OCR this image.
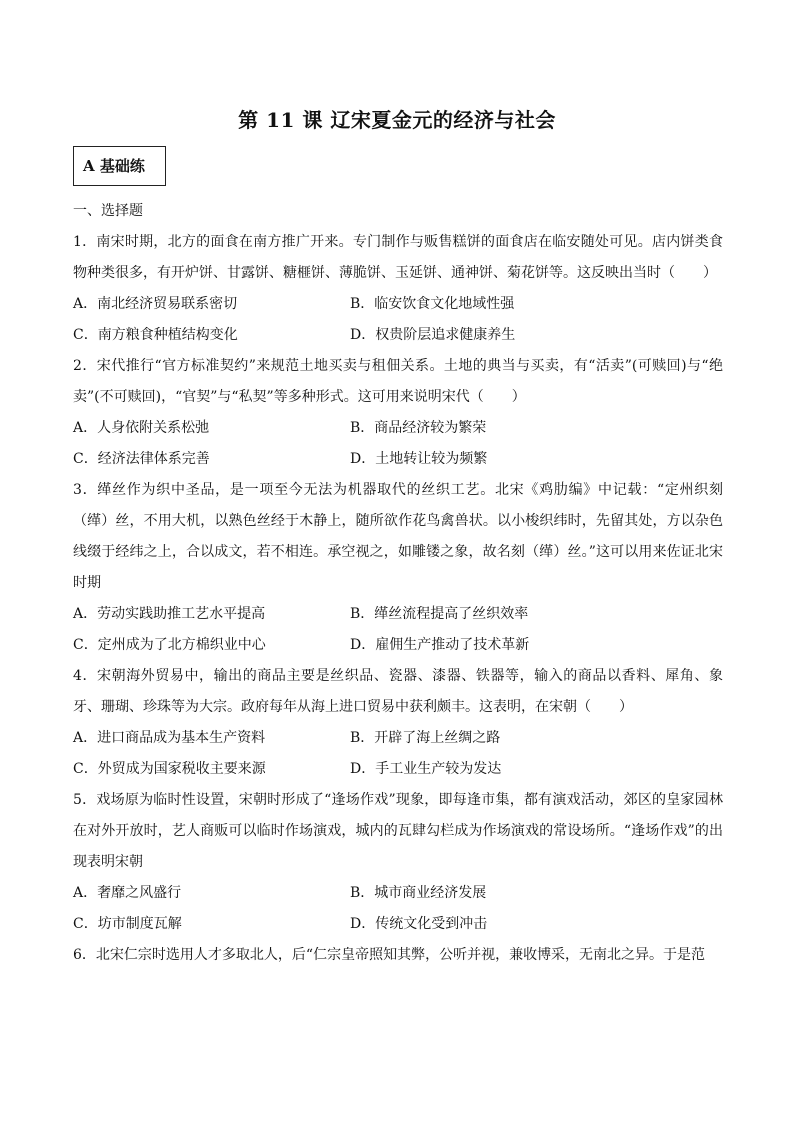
第 11 课 辽宋夏金元的经济与社会
A 基础练
一、选择题
1．南宋时期，北方的面食在南方推广开来。专门制作与贩售糕饼的面食店在临安随处可见。店内饼类食物种类很多，有开炉饼、甘露饼、糖榧饼、薄脆饼、玉延饼、通神饼、菊花饼等。这反映出当时（　　）
A．南北经济贸易联系密切	B．临安饮食文化地域性强
C．南方粮食种植结构变化	D．权贵阶层追求健康养生
2．宋代推行“官方标准契约”来规范土地买卖与租佃关系。土地的典当与买卖，有“活卖”(可赎回)与“绝卖”(不可赎回)，“官契”与“私契”等多种形式。这可用来说明宋代（　　）
A．人身依附关系松弛	B．商品经济较为繁荣
C．经济法律体系完善	D．土地转让较为频繁
3．缂丝作为织中圣品，是一项至今无法为机器取代的丝织工艺。北宋《鸡肋编》中记载：“定州织刻（缂）丝，不用大机，以熟色丝经于木静上，随所欲作花鸟禽兽状。以小梭织纬时，先留其处，方以杂色线缀于经纬之上，合以成文，若不相连。承空视之，如雕镂之象，故名刻（缂）丝。”这可以用来佐证北宋时期
A．劳动实践助推工艺水平提高	B．缂丝流程提高了丝织效率
C．定州成为了北方棉织业中心	D．雇佣生产推动了技术革新
4．宋朝海外贸易中，输出的商品主要是丝织品、瓷器、漆器、铁器等，输入的商品以香料、犀角、象牙、珊瑚、珍珠等为大宗。政府每年从海上进口贸易中获利颇丰。这表明，在宋朝（　　）
A．进口商品成为基本生产资料	B．开辟了海上丝绸之路
C．外贸成为国家税收主要来源	D．手工业生产较为发达
5．戏场原为临时性设置，宋朝时形成了“逢场作戏”现象，即每逢市集，都有演戏活动，郊区的皇家园林在对外开放时，艺人商贩可以临时作场演戏，城内的瓦肆勾栏成为作场演戏的常设场所。“逢场作戏”的出现表明宋朝
A．奢靡之风盛行	B．城市商业经济发展
C．坊市制度瓦解	D．传统文化受到冲击
6．北宋仁宗时选用人才多取北人，后“仁宗皇帝照知其弊，公听并视，兼收博采，无南北之异。于是范
